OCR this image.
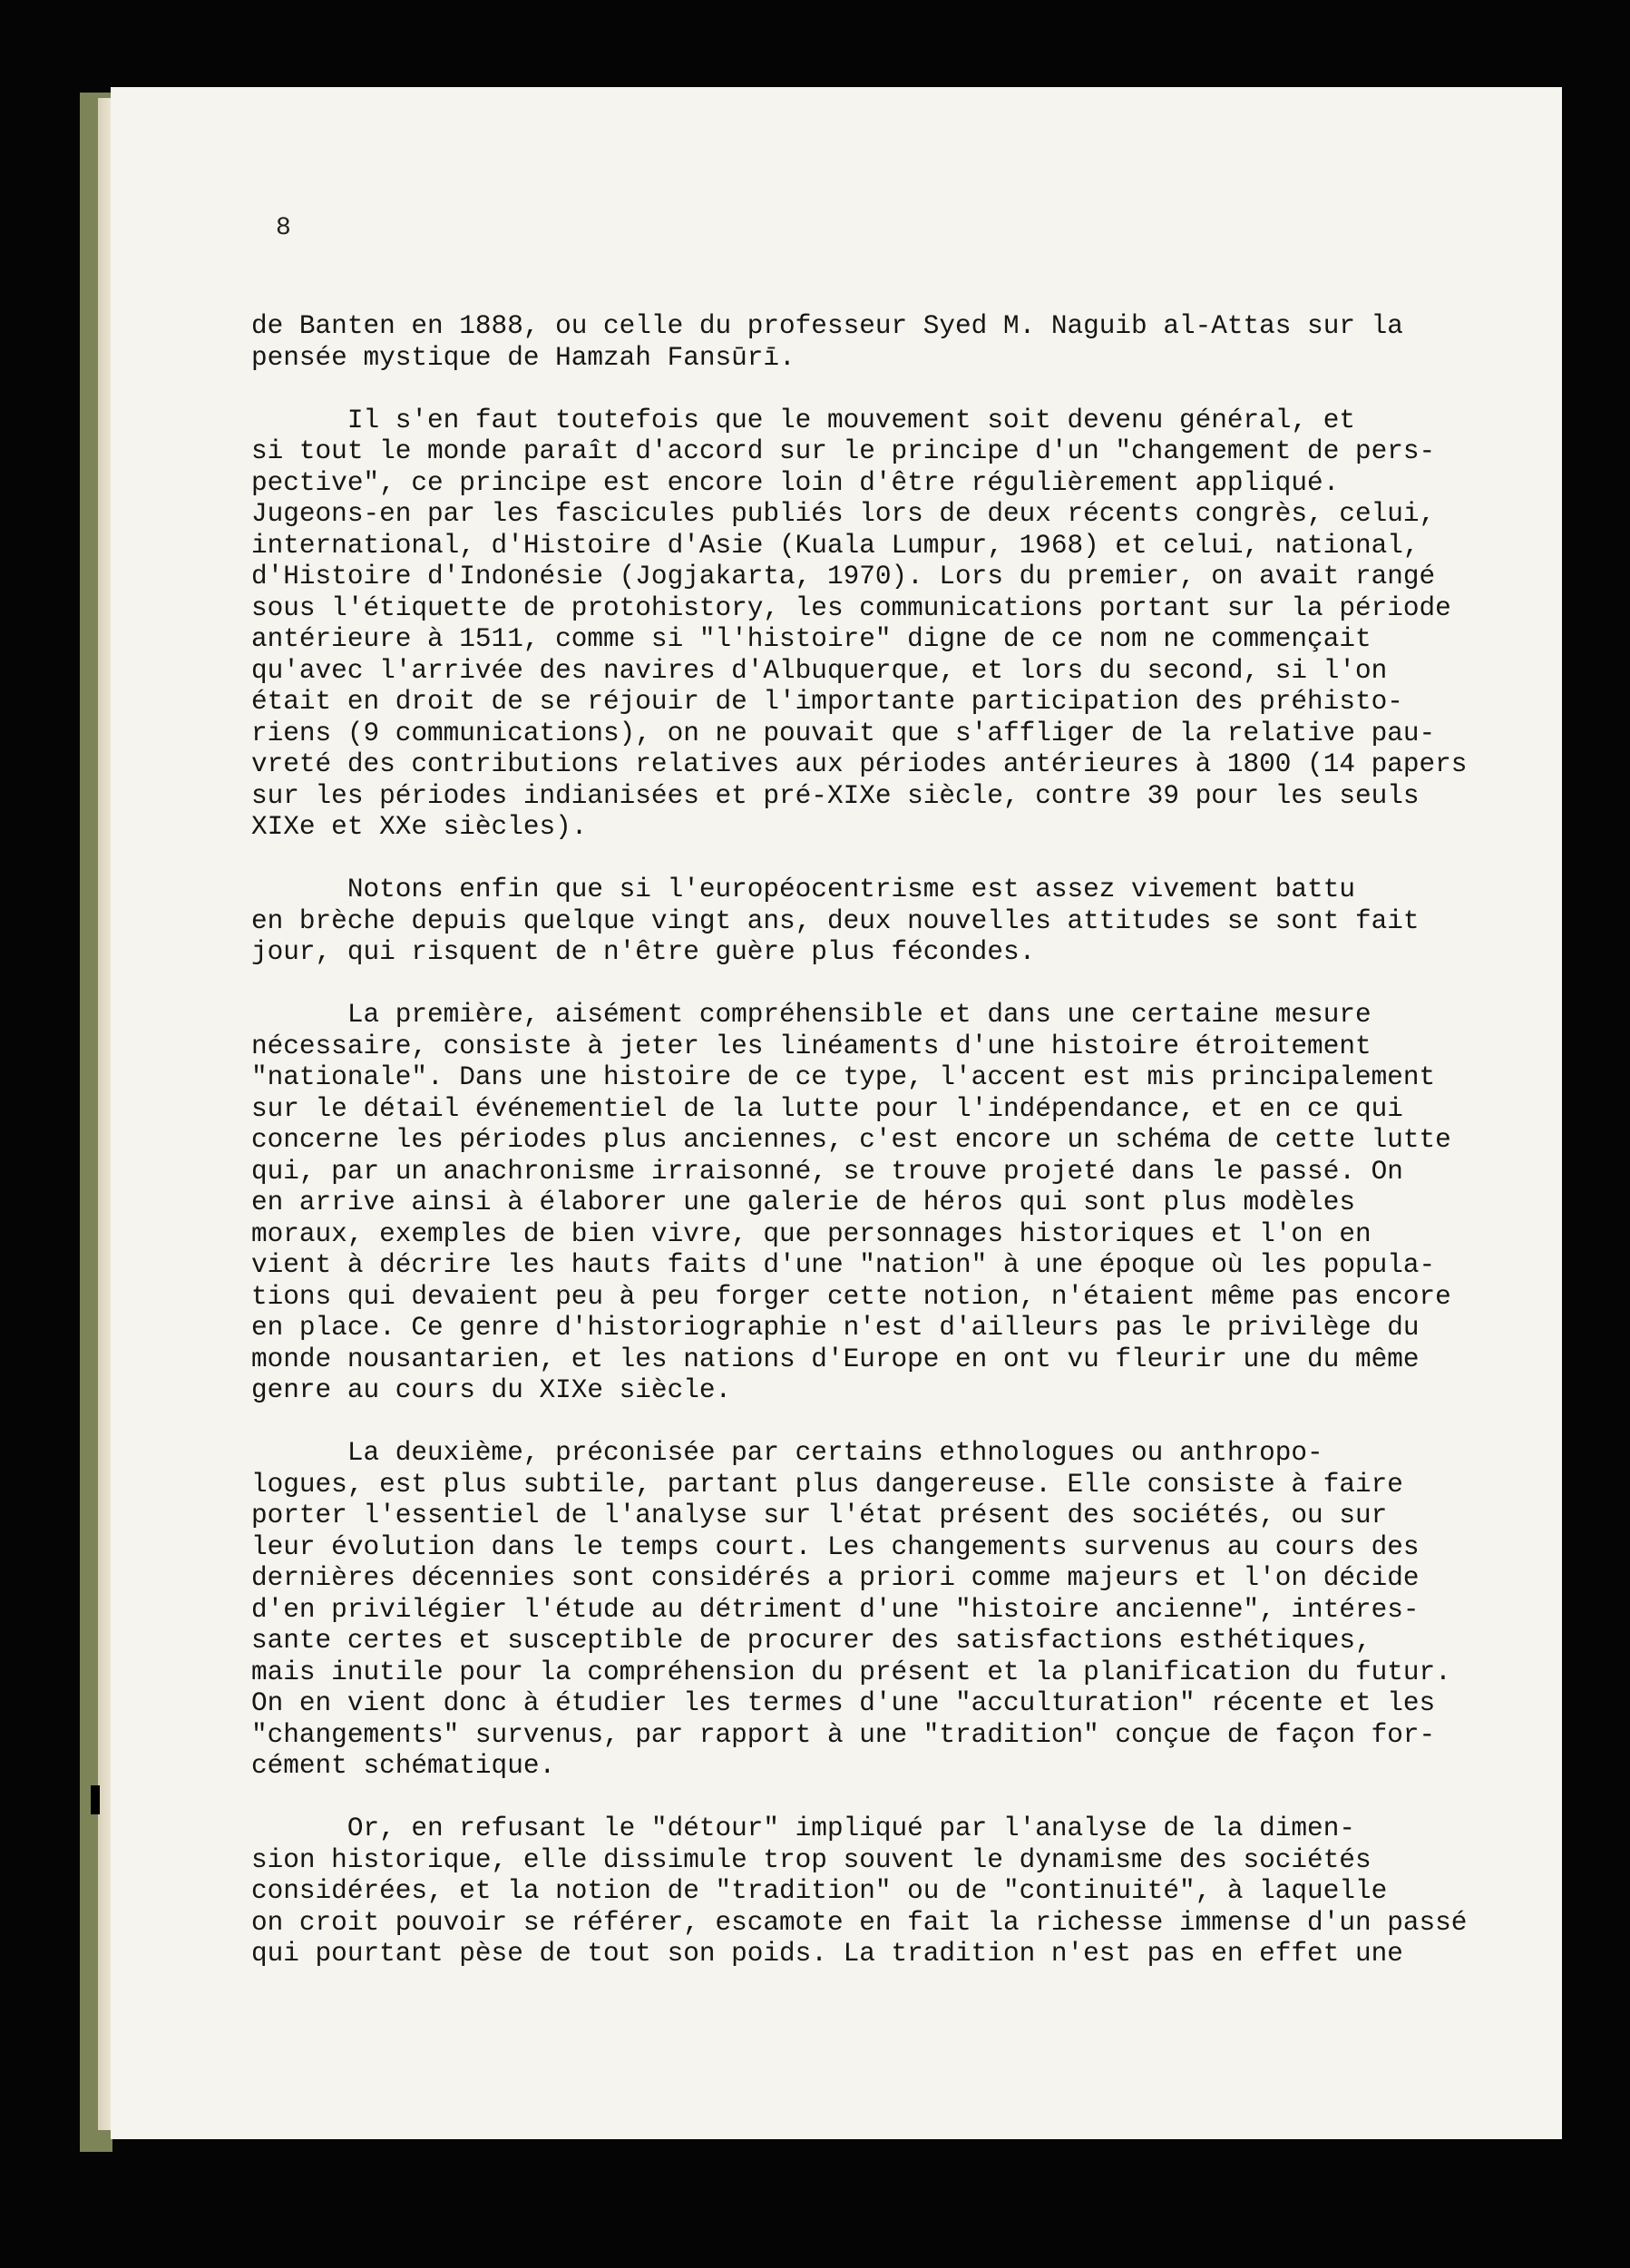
8

de Banten en 1888, ou celle du professeur Syed M. Naguib al-Attas sur la
pensée mystique de Hamzah Fansūrī.

Il s'en faut toutefois que le mouvement soit devenu général, et
si tout le monde paraît d'accord sur le principe d'un "changement de pers-
pective", ce principe est encore loin d'être régulièrement appliqué.
Jugeons-en par les fascicules publiés lors de deux récents congrès, celui,
international, d'Histoire d'Asie (Kuala Lumpur, 1968) et celui, national,
d'Histoire d'Indonésie (Jogjakarta, 1970). Lors du premier, on avait rangé
sous l'étiquette de protohistory, les communications portant sur la période
antérieure à 1511, comme si "l'histoire" digne de ce nom ne commençait
qu'avec l'arrivée des navires d'Albuquerque, et lors du second, si l'on
était en droit de se réjouir de l'importante participation des préhisto-
riens (9 communications), on ne pouvait que s'affliger de la relative pau-
vreté des contributions relatives aux périodes antérieures à 1800 (14 papers
sur les périodes indianisées et pré-XIXe siècle, contre 39 pour les seuls
XIXe et XXe siècles).

Notons enfin que si l'européocentrisme est assez vivement battu
en brèche depuis quelque vingt ans, deux nouvelles attitudes se sont fait
jour, qui risquent de n'être guère plus fécondes.

La première, aisément compréhensible et dans une certaine mesure
nécessaire, consiste à jeter les linéaments d'une histoire étroitement
"nationale". Dans une histoire de ce type, l'accent est mis principalement
sur le détail événementiel de la lutte pour l'indépendance, et en ce qui
concerne les périodes plus anciennes, c'est encore un schéma de cette lutte
qui, par un anachronisme irraisonné, se trouve projeté dans le passé. On
en arrive ainsi à élaborer une galerie de héros qui sont plus modèles
moraux, exemples de bien vivre, que personnages historiques et l'on en
vient à décrire les hauts faits d'une "nation" à une époque où les popula-
tions qui devaient peu à peu forger cette notion, n'étaient même pas encore
en place. Ce genre d'historiographie n'est d'ailleurs pas le privilège du
monde nousantarien, et les nations d'Europe en ont vu fleurir une du même
genre au cours du XIXe siècle.

La deuxième, préconisée par certains ethnologues ou anthropo-
logues, est plus subtile, partant plus dangereuse. Elle consiste à faire
porter l'essentiel de l'analyse sur l'état présent des sociétés, ou sur
leur évolution dans le temps court. Les changements survenus au cours des
dernières décennies sont considérés a priori comme majeurs et l'on décide
d'en privilégier l'étude au détriment d'une "histoire ancienne", intéres-
sante certes et susceptible de procurer des satisfactions esthétiques,
mais inutile pour la compréhension du présent et la planification du futur.
On en vient donc à étudier les termes d'une "acculturation" récente et les
"changements" survenus, par rapport à une "tradition" conçue de façon for-
cément schématique.

Or, en refusant le "détour" impliqué par l'analyse de la dimen-
sion historique, elle dissimule trop souvent le dynamisme des sociétés
considérées, et la notion de "tradition" ou de "continuité", à laquelle
on croit pouvoir se référer, escamote en fait la richesse immense d'un passé
qui pourtant pèse de tout son poids. La tradition n'est pas en effet une
